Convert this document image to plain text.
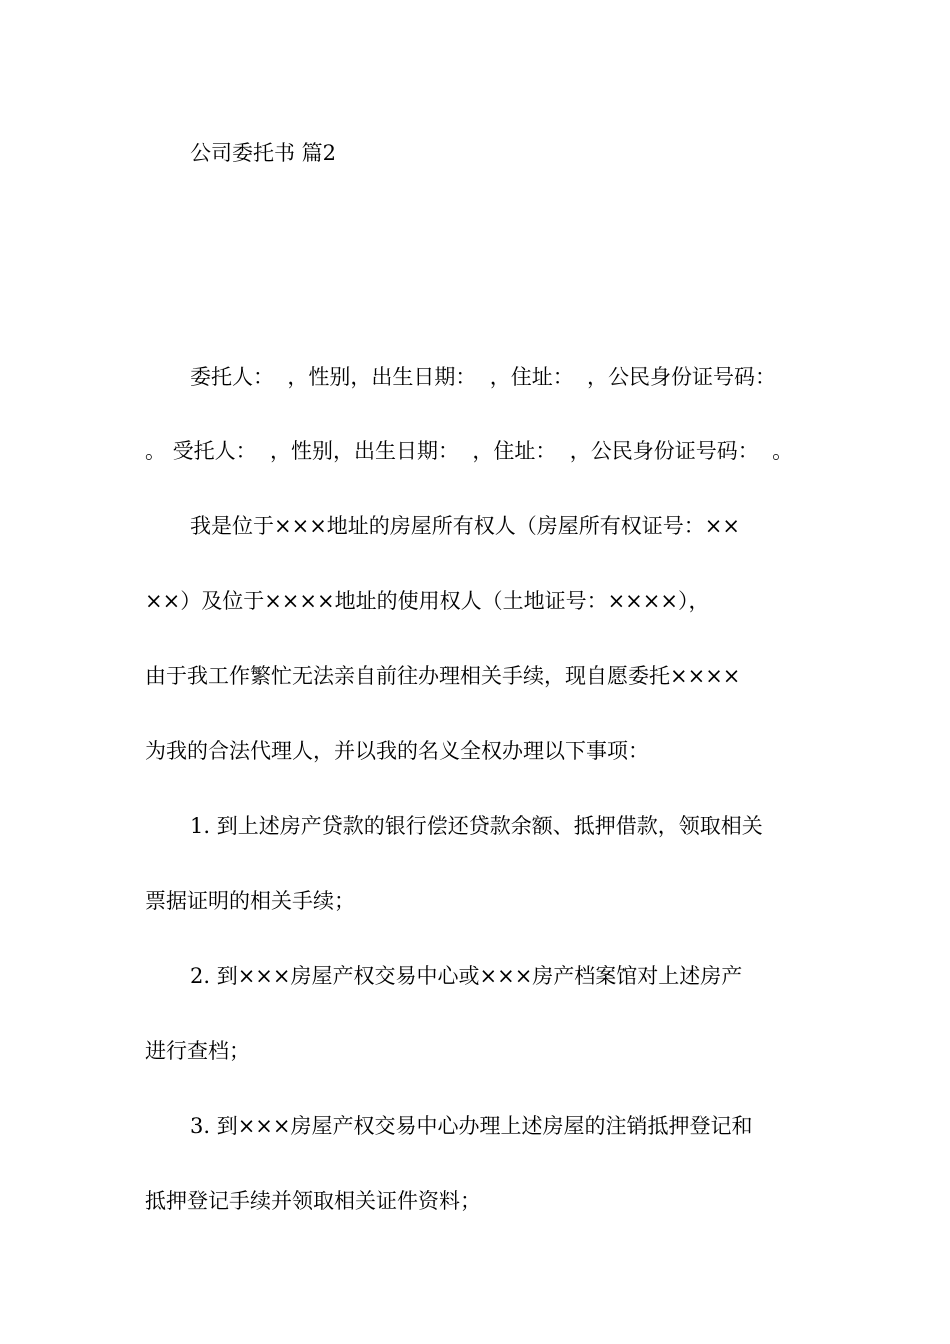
公司委托书 篇2

委托人：  ，性别，出生日期：  ，住址：  ，公民身份证号码：

。 受托人：  ，性别，出生日期：  ，住址：  ，公民身份证号码：  。

我是位于×××地址的房屋所有权人（房屋所有权证号：××

××）及位于××××地址的使用权人（土地证号：××××），

由于我工作繁忙无法亲自前往办理相关手续，现自愿委托××××

为我的合法代理人，并以我的名义全权办理以下事项：

1. 到上述房产贷款的银行偿还贷款余额、抵押借款，领取相关

票据证明的相关手续；

2. 到×××房屋产权交易中心或×××房产档案馆对上述房产

进行查档；

3. 到×××房屋产权交易中心办理上述房屋的注销抵押登记和

抵押登记手续并领取相关证件资料；
